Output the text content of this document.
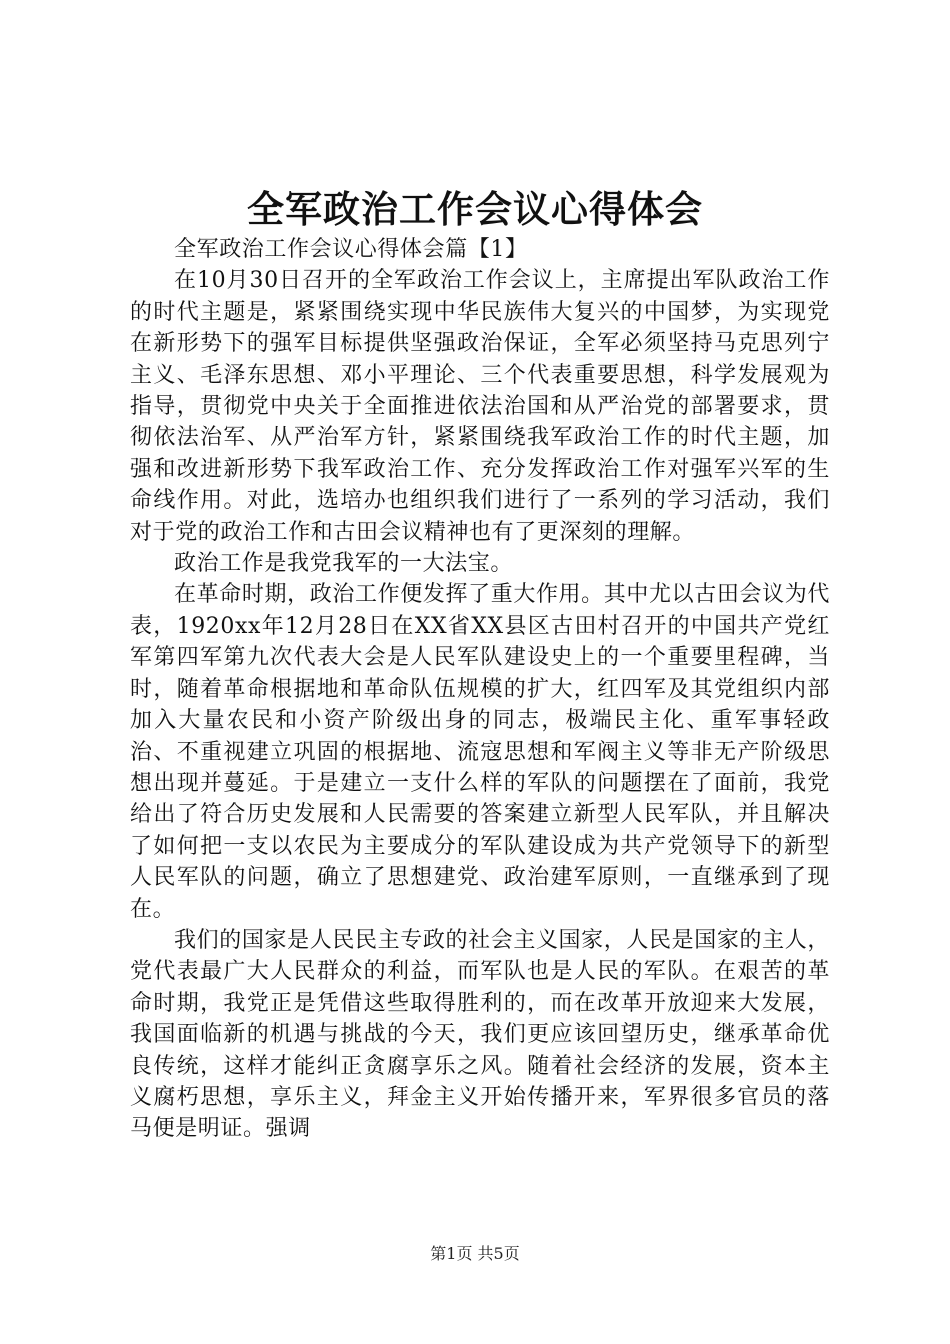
全军政治工作会议心得体会

全军政治工作会议心得体会篇【1】

在10月30日召开的全军政治工作会议上，主席提出军队政治工作的时代主题是，紧紧围绕实现中华民族伟大复兴的中国梦，为实现党在新形势下的强军目标提供坚强政治保证，全军必须坚持马克思列宁主义、毛泽东思想、邓小平理论、三个代表重要思想，科学发展观为指导，贯彻党中央关于全面推进依法治国和从严治党的部署要求，贯彻依法治军、从严治军方针，紧紧围绕我军政治工作的时代主题，加强和改进新形势下我军政治工作、充分发挥政治工作对强军兴军的生命线作用。对此，选培办也组织我们进行了一系列的学习活动，我们对于党的政治工作和古田会议精神也有了更深刻的理解。

政治工作是我党我军的一大法宝。

在革命时期，政治工作便发挥了重大作用。其中尤以古田会议为代表，1920xx年12月28日在XX省XX县区古田村召开的中国共产党红军第四军第九次代表大会是人民军队建设史上的一个重要里程碑，当时，随着革命根据地和革命队伍规模的扩大，红四军及其党组织内部加入大量农民和小资产阶级出身的同志，极端民主化、重军事轻政治、不重视建立巩固的根据地、流寇思想和军阀主义等非无产阶级思想出现并蔓延。于是建立一支什么样的军队的问题摆在了面前，我党给出了符合历史发展和人民需要的答案建立新型人民军队，并且解决了如何把一支以农民为主要成分的军队建设成为共产党领导下的新型人民军队的问题，确立了思想建党、政治建军原则，一直继承到了现在。

我们的国家是人民民主专政的社会主义国家，人民是国家的主人，党代表最广大人民群众的利益，而军队也是人民的军队。在艰苦的革命时期，我党正是凭借这些取得胜利的，而在改革开放迎来大发展，我国面临新的机遇与挑战的今天，我们更应该回望历史，继承革命优良传统，这样才能纠正贪腐享乐之风。随着社会经济的发展，资本主义腐朽思想，享乐主义，拜金主义开始传播开来，军界很多官员的落马便是明证。强调

第1页 共5页
